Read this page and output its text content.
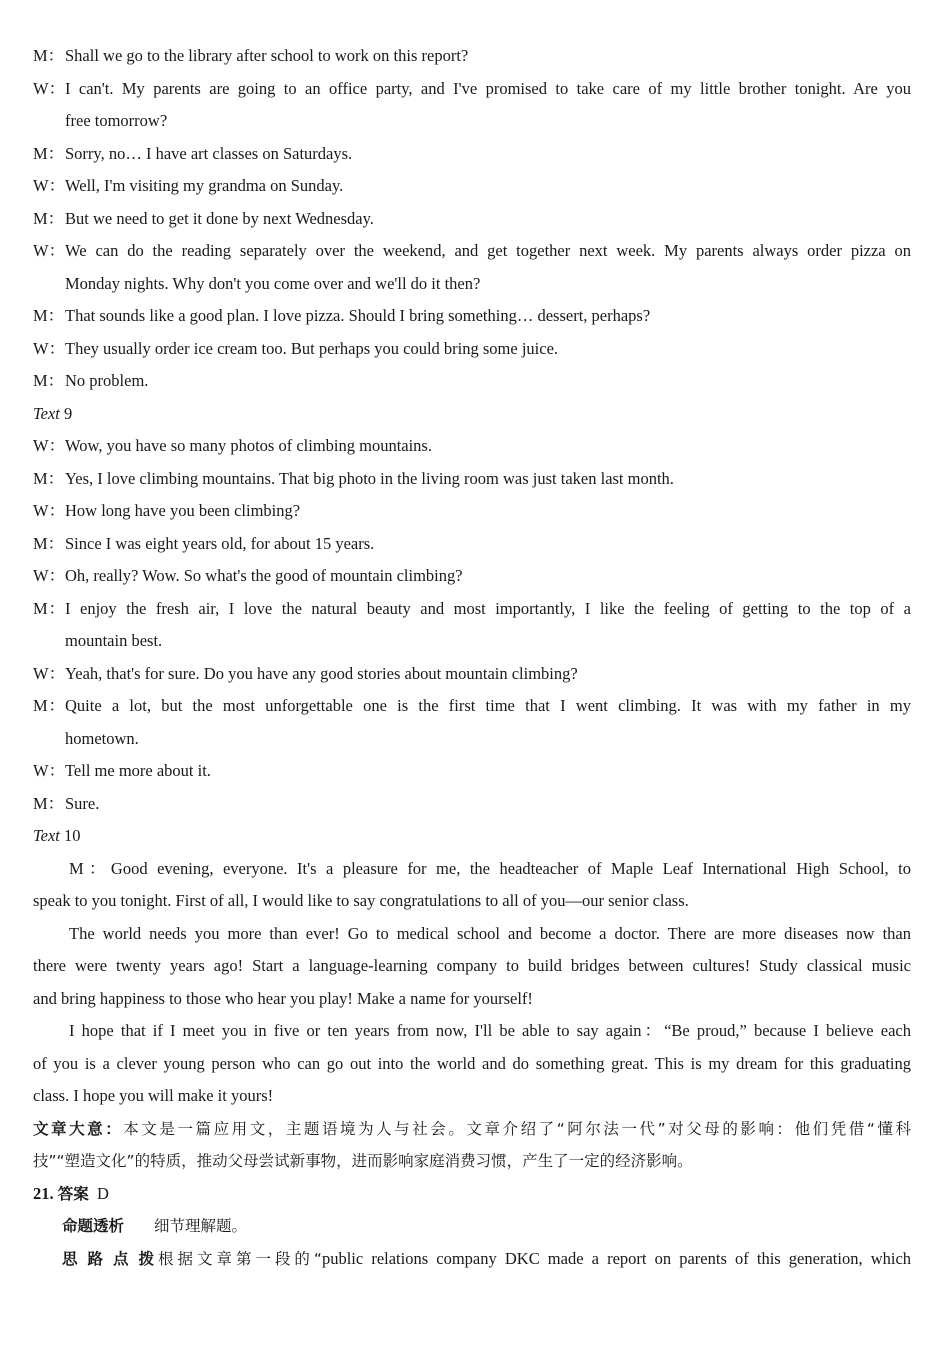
M：Shall we go to the library after school to work on this report?
W：I can't. My parents are going to an office party, and I've promised to take care of my little brother tonight. Are you
free tomorrow?
M：Sorry, no… I have art classes on Saturdays.
W：Well, I'm visiting my grandma on Sunday.
M：But we need to get it done by next Wednesday.
W：We can do the reading separately over the weekend, and get together next week. My parents always order pizza on
Monday nights. Why don't you come over and we'll do it then?
M：That sounds like a good plan. I love pizza. Should I bring something… dessert, perhaps?
W：They usually order ice cream too. But perhaps you could bring some juice.
M：No problem.
Text 9
W：Wow, you have so many photos of climbing mountains.
M：Yes, I love climbing mountains. That big photo in the living room was just taken last month.
W：How long have you been climbing?
M：Since I was eight years old, for about 15 years.
W：Oh, really? Wow. So what's the good of mountain climbing?
M：I enjoy the fresh air, I love the natural beauty and most importantly, I like the feeling of getting to the top of a
mountain best.
W：Yeah, that's for sure. Do you have any good stories about mountain climbing?
M：Quite a lot, but the most unforgettable one is the first time that I went climbing. It was with my father in my
hometown.
W：Tell me more about it.
M：Sure.
Text 10
M：Good evening, everyone. It's a pleasure for me, the headteacher of Maple Leaf International High School, to
speak to you tonight. First of all, I would like to say congratulations to all of you—our senior class.
The world needs you more than ever! Go to medical school and become a doctor. There are more diseases now than
there were twenty years ago! Start a language-learning company to build bridges between cultures! Study classical music
and bring happiness to those who hear you play! Make a name for yourself!
I hope that if I meet you in five or ten years from now, I'll be able to say again：“Be proud,” because I believe each
of you is a clever young person who can go out into the world and do something great. This is my dream for this graduating
class. I hope you will make it yours!
文章大意：本文是一篇应用文，主题语境为人与社会。文章介绍了“阿尔法一代”对父母的影响：他们凭借“懂科
技”“塑造文化”的特质，推动父母尝试新事物，进而影响家庭消费习惯，产生了一定的经济影响。
21. 答案 D
命题透析 细节理解题。
思路点拨根据文章第一段的“public relations company DKC made a report on parents of this generation, which
